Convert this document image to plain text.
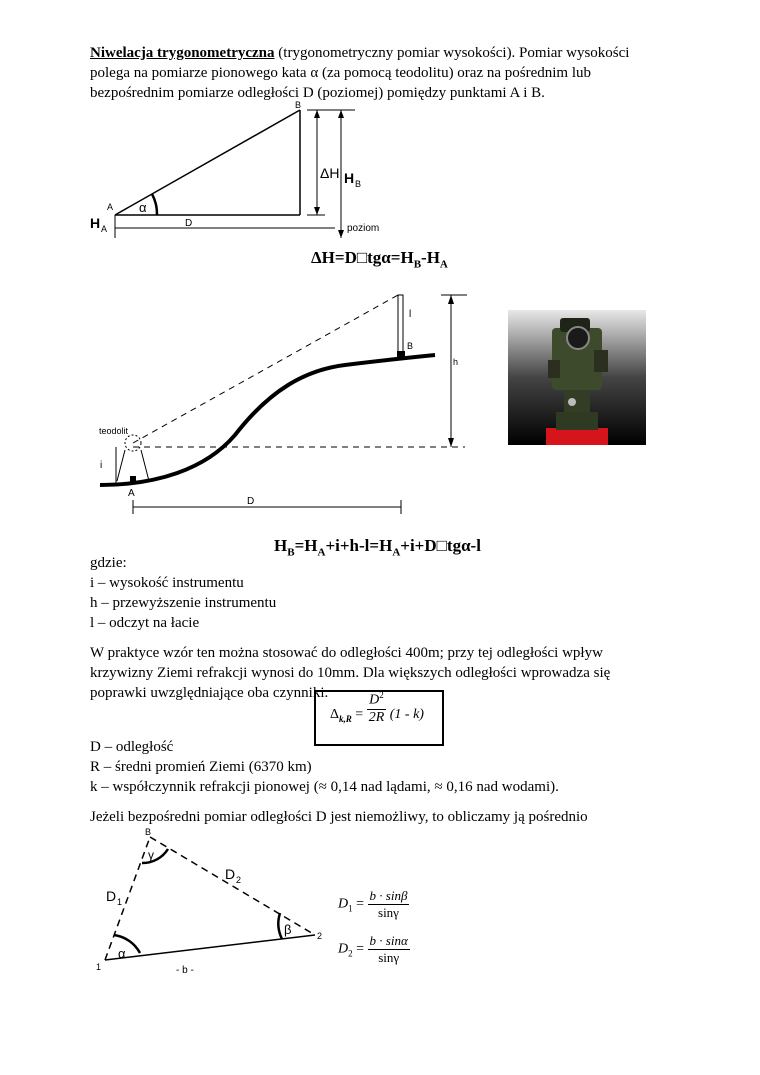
Niwelacja trygonometryczna (trygonometryczny pomiar wysokości). Pomiar wysokości
polega na pomiarze pionowego kata α (za pomocą teodolitu) oraz na pośrednim lub
bezpośrednim pomiarze odległości D (poziomej) pomiędzy punktami A i B.
B
A α
D
ΔH H B
H A	poziom
$\Delta H=D□tg\alpha=H_B-H_A$
teodolit
i
A
B
l
h
D
$H_B=H_A+i+h-l=H_A+i+D□tg\alpha-l$
gdzie:
i – wysokość instrumentu
h – przewyższenie instrumentu
l – odczyt na łacie
W praktyce wzór ten można stosować do odległości 400m; przy tej odległości wpływ
krzywizny Ziemi refrakcji wynosi do 10mm. Dla większych odległości wprowadza się
poprawki uwzględniające oba czynniki.
$\Delta_{k,R} = \frac{D^2}{2R} (1 - k)$
D – odległość
R – średni promień Ziemi (6370 km)
k – współczynnik refrakcji pionowej (≈ 0,14 nad lądami, ≈ 0,16 nad wodami).
Jeżeli bezpośredni pomiar odległości D jest niemożliwy, to obliczamy ją pośrednio
B
γ
D 1
D 2
β	2
1
α
- b -
$D_1 = \frac{b \cdot \sin\beta}{\sin\gamma}$
$D_2 = \frac{b \cdot \sin\alpha}{\sin\gamma}$
